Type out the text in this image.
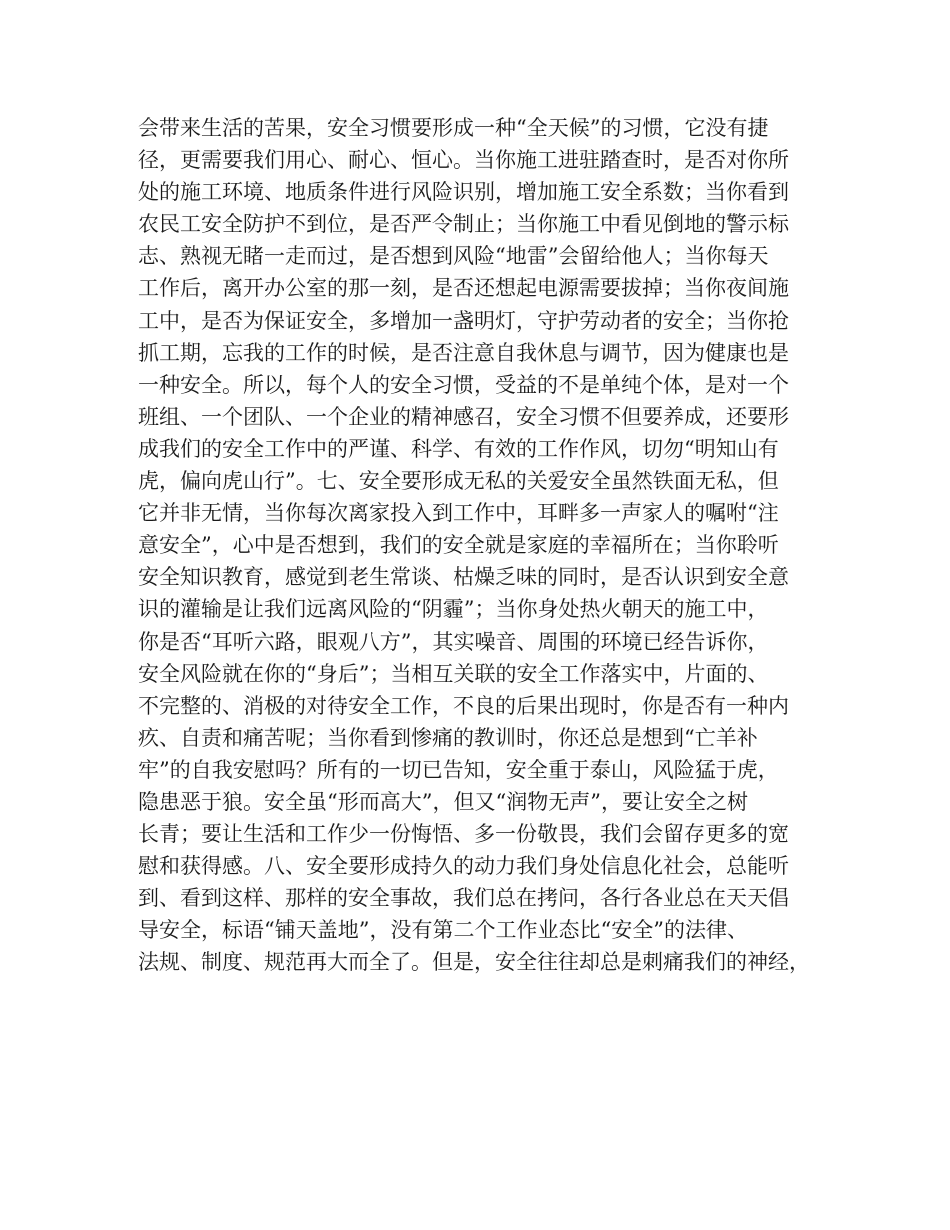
会带来生活的苦果，安全习惯要形成一种“全天候”的习惯，它没有捷
径，更需要我们用心、耐心、恒心。当你施工进驻踏查时，是否对你所
处的施工环境、地质条件进行风险识别，增加施工安全系数；当你看到
农民工安全防护不到位，是否严令制止；当你施工中看见倒地的警示标
志、熟视无睹一走而过，是否想到风险“地雷”会留给他人；当你每天
工作后，离开办公室的那一刻，是否还想起电源需要拔掉；当你夜间施
工中，是否为保证安全，多增加一盏明灯，守护劳动者的安全；当你抢
抓工期，忘我的工作的时候，是否注意自我休息与调节，因为健康也是
一种安全。所以，每个人的安全习惯，受益的不是单纯个体，是对一个
班组、一个团队、一个企业的精神感召，安全习惯不但要养成，还要形
成我们的安全工作中的严谨、科学、有效的工作作风，切勿“明知山有
虎，偏向虎山行”。七、安全要形成无私的关爱安全虽然铁面无私，但
它并非无情，当你每次离家投入到工作中，耳畔多一声家人的嘱咐“注
意安全”，心中是否想到，我们的安全就是家庭的幸福所在；当你聆听
安全知识教育，感觉到老生常谈、枯燥乏味的同时，是否认识到安全意
识的灌输是让我们远离风险的“阴霾”；当你身处热火朝天的施工中，
你是否“耳听六路，眼观八方”，其实噪音、周围的环境已经告诉你，
安全风险就在你的“身后”；当相互关联的安全工作落实中，片面的、
不完整的、消极的对待安全工作，不良的后果出现时，你是否有一种内
疚、自责和痛苦呢；当你看到惨痛的教训时，你还总是想到“亡羊补
牢”的自我安慰吗？所有的一切已告知，安全重于泰山，风险猛于虎，
隐患恶于狼。安全虽“形而高大”，但又“润物无声”，要让安全之树
长青；要让生活和工作少一份悔悟、多一份敬畏，我们会留存更多的宽
慰和获得感。八、安全要形成持久的动力我们身处信息化社会，总能听
到、看到这样、那样的安全事故，我们总在拷问，各行各业总在天天倡
导安全，标语“铺天盖地”，没有第二个工作业态比“安全”的法律、
法规、制度、规范再大而全了。但是，安全往往却总是刺痛我们的神经，
